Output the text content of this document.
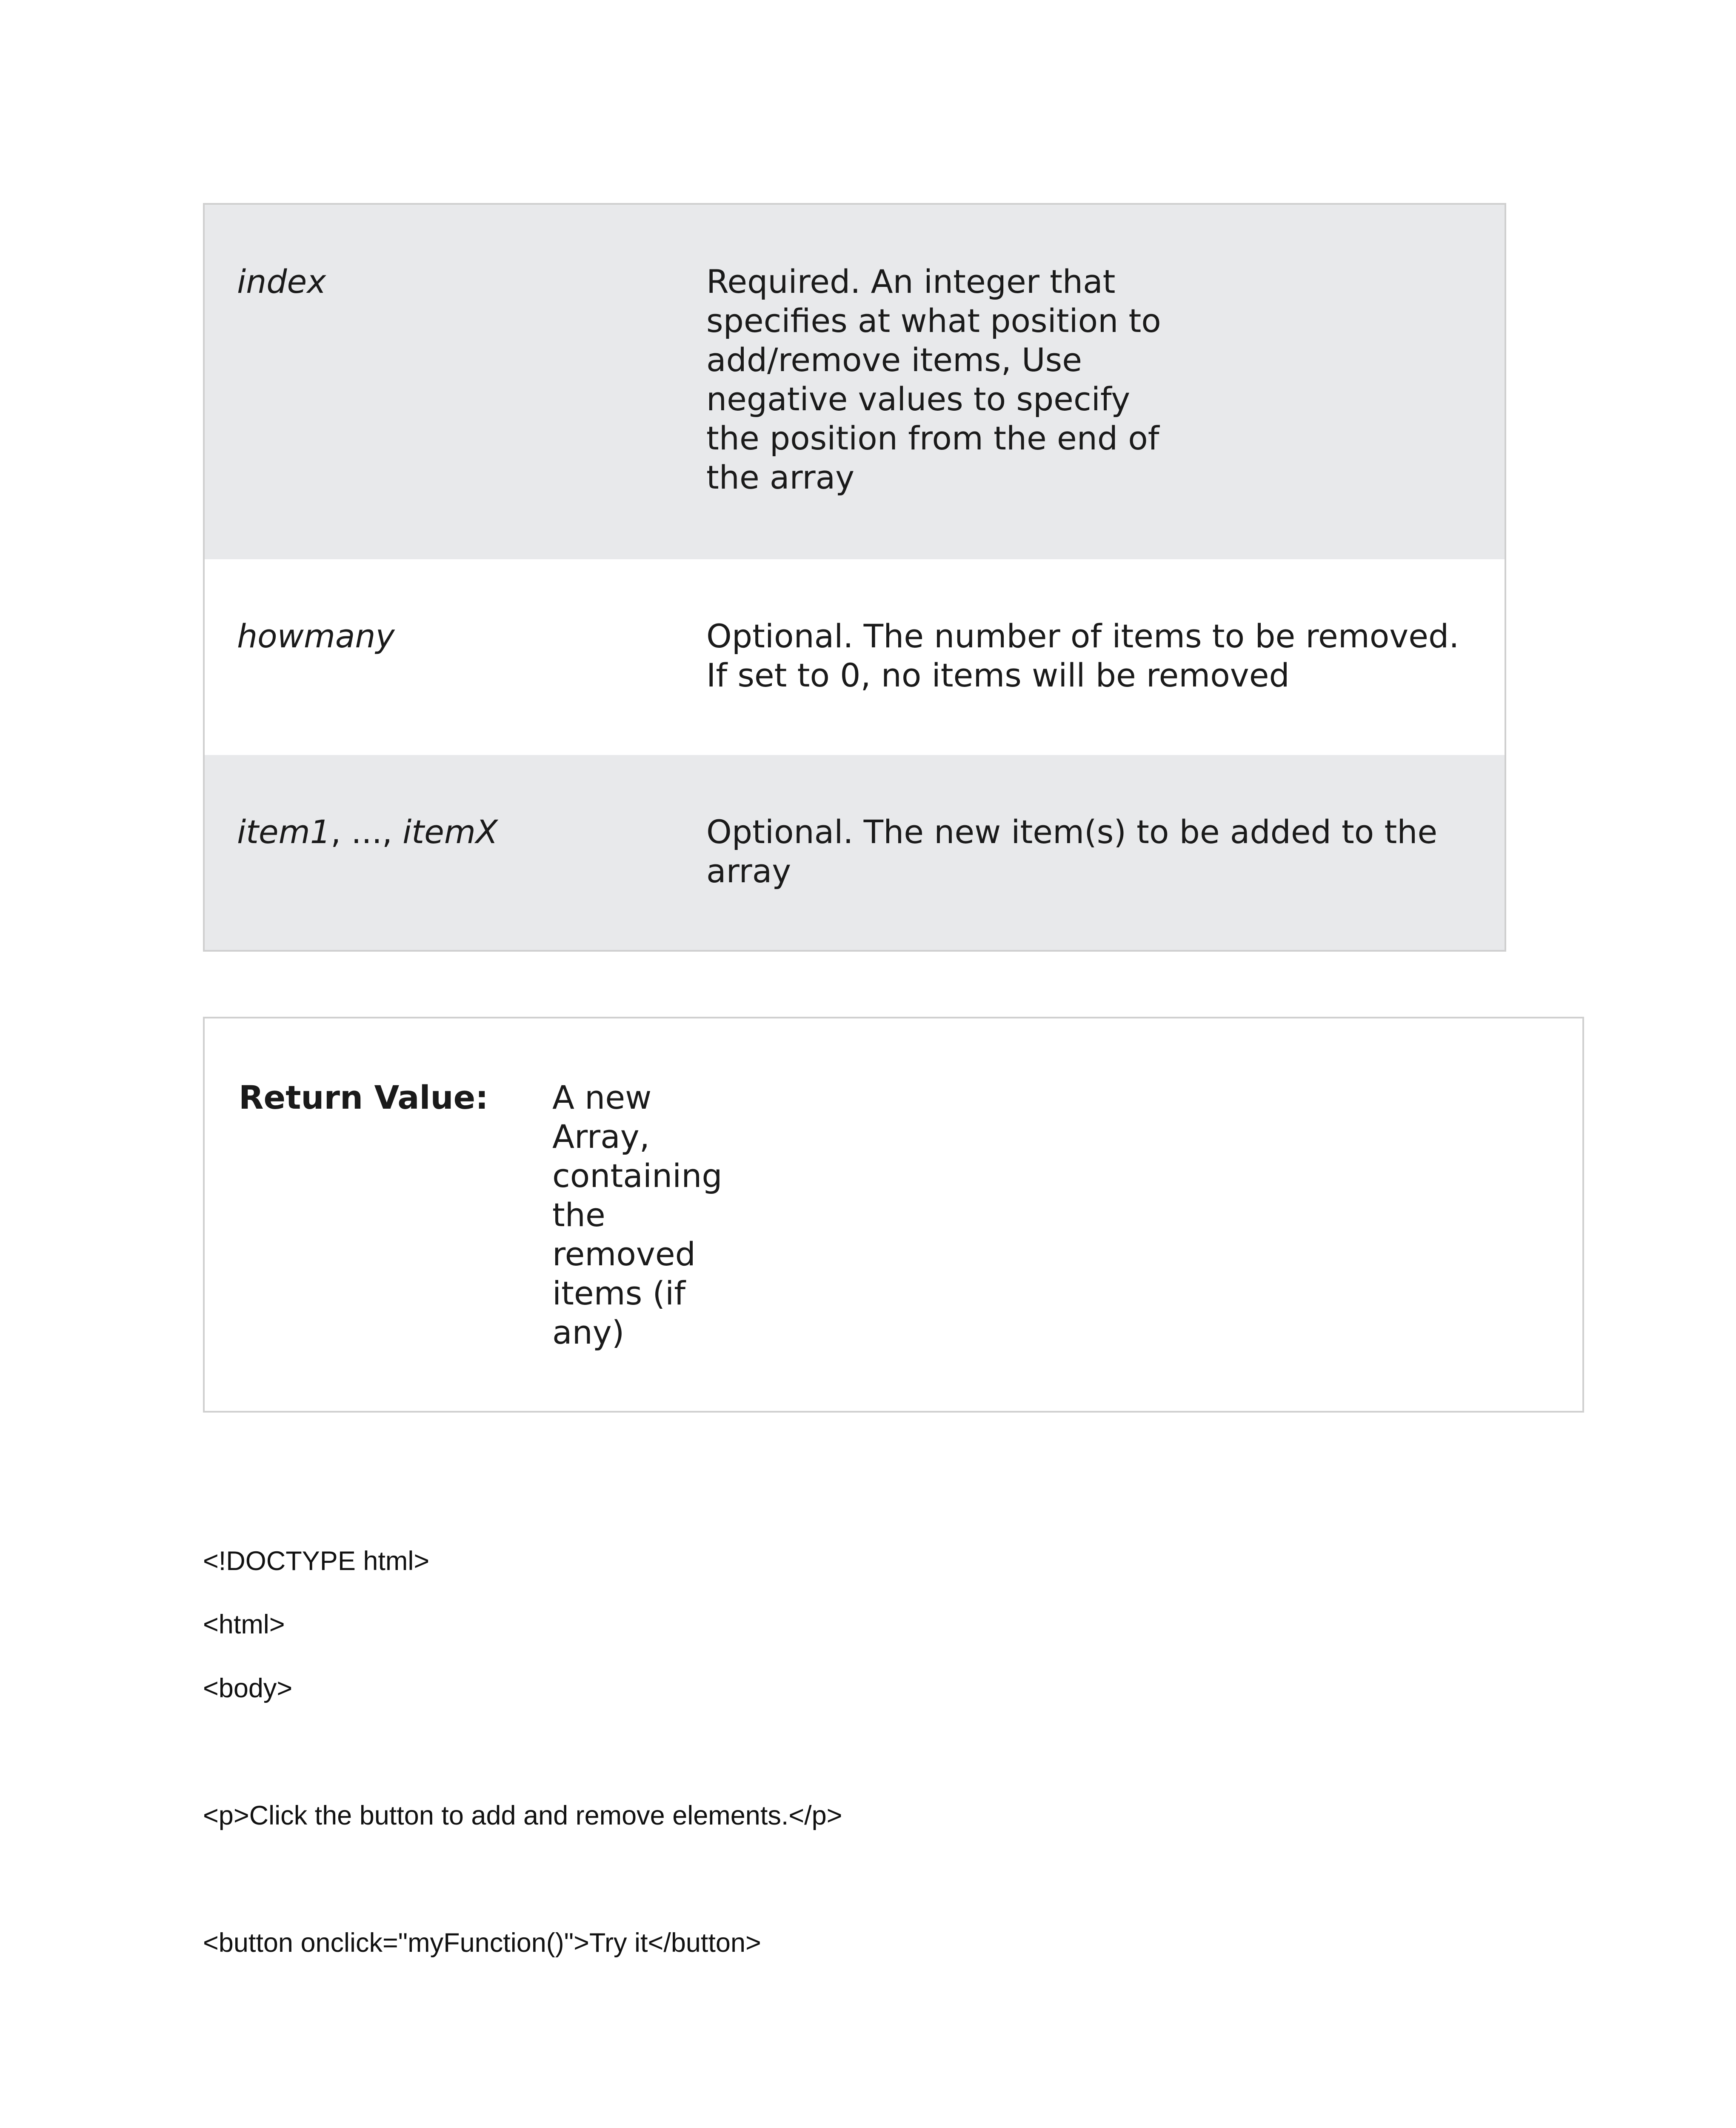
index	Required. An integer that specifies at what position to add/remove items, Use negative values to specify the position from the end of the array
howmany	Optional. The number of items to be removed. If set to 0, no items will be removed
item1, ..., itemX	Optional. The new item(s) to be added to the array
Return Value: A new Array, containing the removed items (if any)
<!DOCTYPE html>
<html>
<body>
<p>Click the button to add and remove elements.</p>
<button onclick="myFunction()">Try it</button>
